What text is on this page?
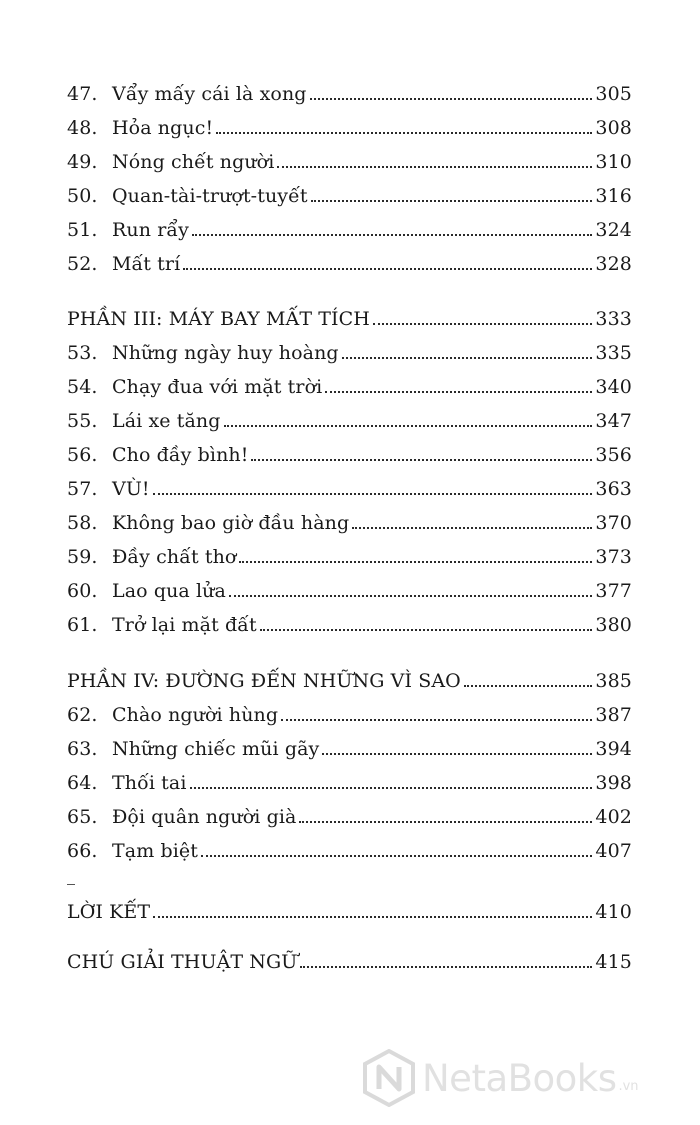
47. Vẩy mấy cái là xong	305
48. Hỏa ngục!	308
49. Nóng chết người	310
50. Quan-tài-trượt-tuyết	316
51. Run rẩy	324
52. Mất trí	328
PHẦN III: MÁY BAY MẤT TÍCH	333
53. Những ngày huy hoàng	335
54. Chạy đua với mặt trời	340
55. Lái xe tăng	347
56. Cho đầy bình!	356
57. VÙ!	363
58. Không bao giờ đầu hàng	370
59. Đầy chất thơ	373
60. Lao qua lửa	377
61. Trở lại mặt đất	380
PHẦN IV: ĐƯỜNG ĐẾN NHỮNG VÌ SAO	385
62. Chào người hùng	387
63. Những chiếc mũi gãy	394
64. Thối tai	398
65. Đội quân người già	402
66. Tạm biệt	407
LỜI KẾT	410
CHÚ GIẢI THUẬT NGỮ	415
NetaBooks .vn
